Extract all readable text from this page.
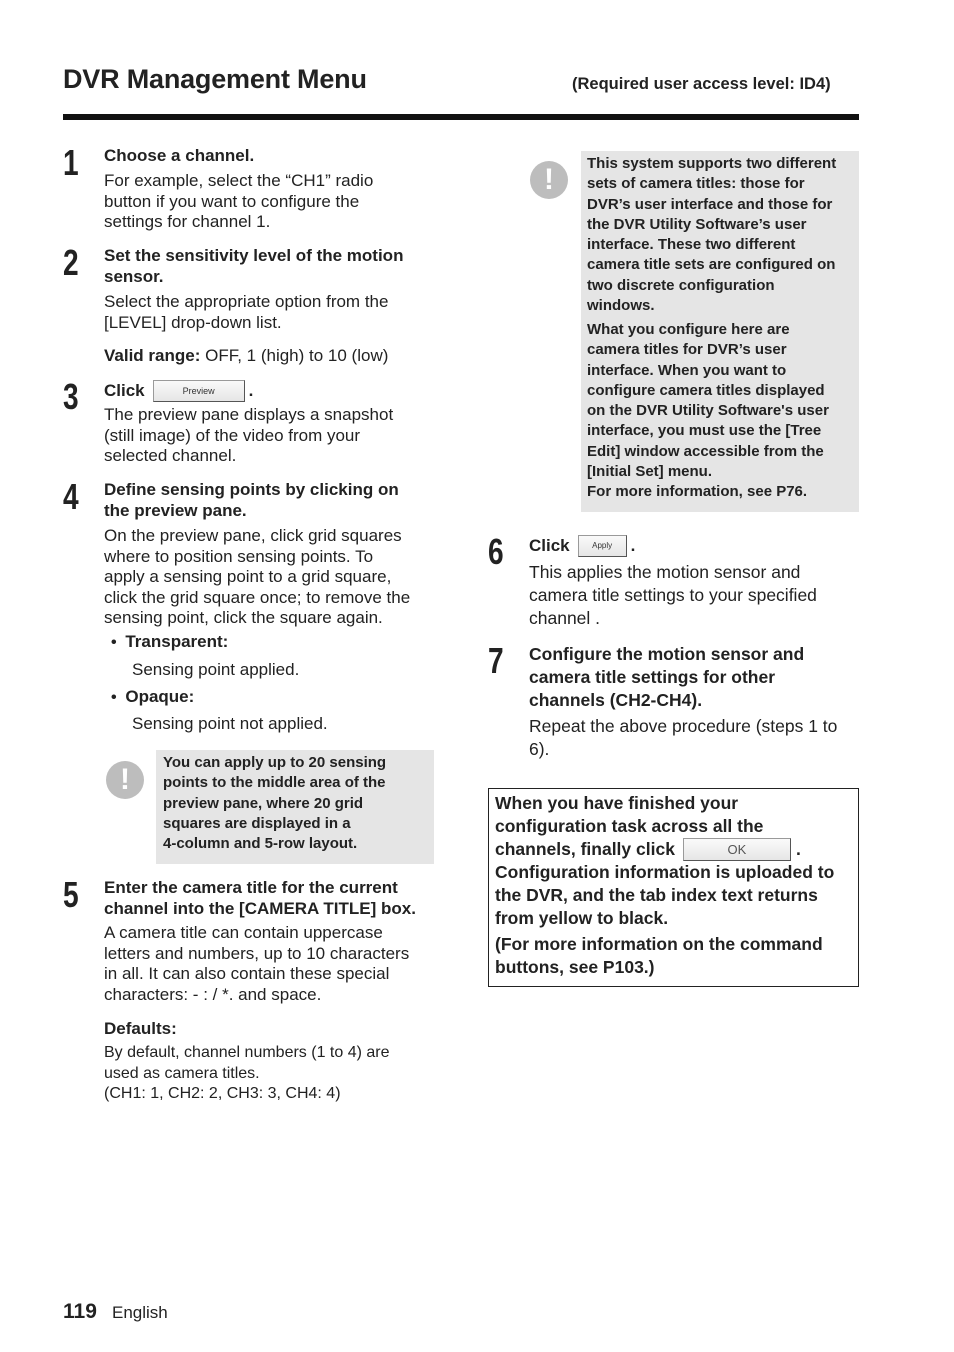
DVR Management Menu	(Required user access level: ID4)
1 Choose a channel.
For example, select the “CH1” radio
button if you want to configure the
settings for channel 1.
2 Set the sensitivity level of the motion
sensor.
Select the appropriate option from the
[LEVEL] drop-down list.
Valid range: OFF, 1 (high) to 10 (low)
3 Click	Preview	.
The preview pane displays a snapshot
(still image) of the video from your
selected channel.
4 Define sensing points by clicking on
the preview pane.
On the preview pane, click grid squares
where to position sensing points. To
apply a sensing point to a grid square,
click the grid square once; to remove the
sensing point, click the square again.
• Transparent:
Sensing point applied.
• Opaque:
Sensing point not applied.
!
You can apply up to 20 sensing
points to the middle area of the
preview pane, where 20 grid
squares are displayed in a
4-column and 5-row layout.
5 Enter the camera title for the current
channel into the [CAMERA TITLE] box.
A camera title can contain uppercase
letters and numbers, up to 10 characters
in all. It can also contain these special
characters: - : / *. and space.
Defaults:
By default, channel numbers (1 to 4) are
used as camera titles.
(CH1: 1, CH2: 2, CH3: 3, CH4: 4)
!	This system supports two different
sets of camera titles: those for
DVR’s user interface and those for
the DVR Utility Software’s user
interface. These two different
camera title sets are configured on
two discrete configuration
windows.
What you configure here are
camera titles for DVR’s user
interface. When you want to
configure camera titles displayed
on the DVR Utility Software's user
interface, you must use the [Tree
Edit] window accessible from the
[Initial Set] menu.
For more information, see P76.
6 Click	Apply	.
This applies the motion sensor and
camera title settings to your specified
channel .
7 Configure the motion sensor and
camera title settings for other
channels (CH2-CH4).
Repeat the above procedure (steps 1 to
6).
When you have finished your
configuration task across all the
channels, finally click	OK	.
Configuration information is uploaded to
the DVR, and the tab index text returns
from yellow to black.
(For more information on the command
buttons, see P103.)
119 English
